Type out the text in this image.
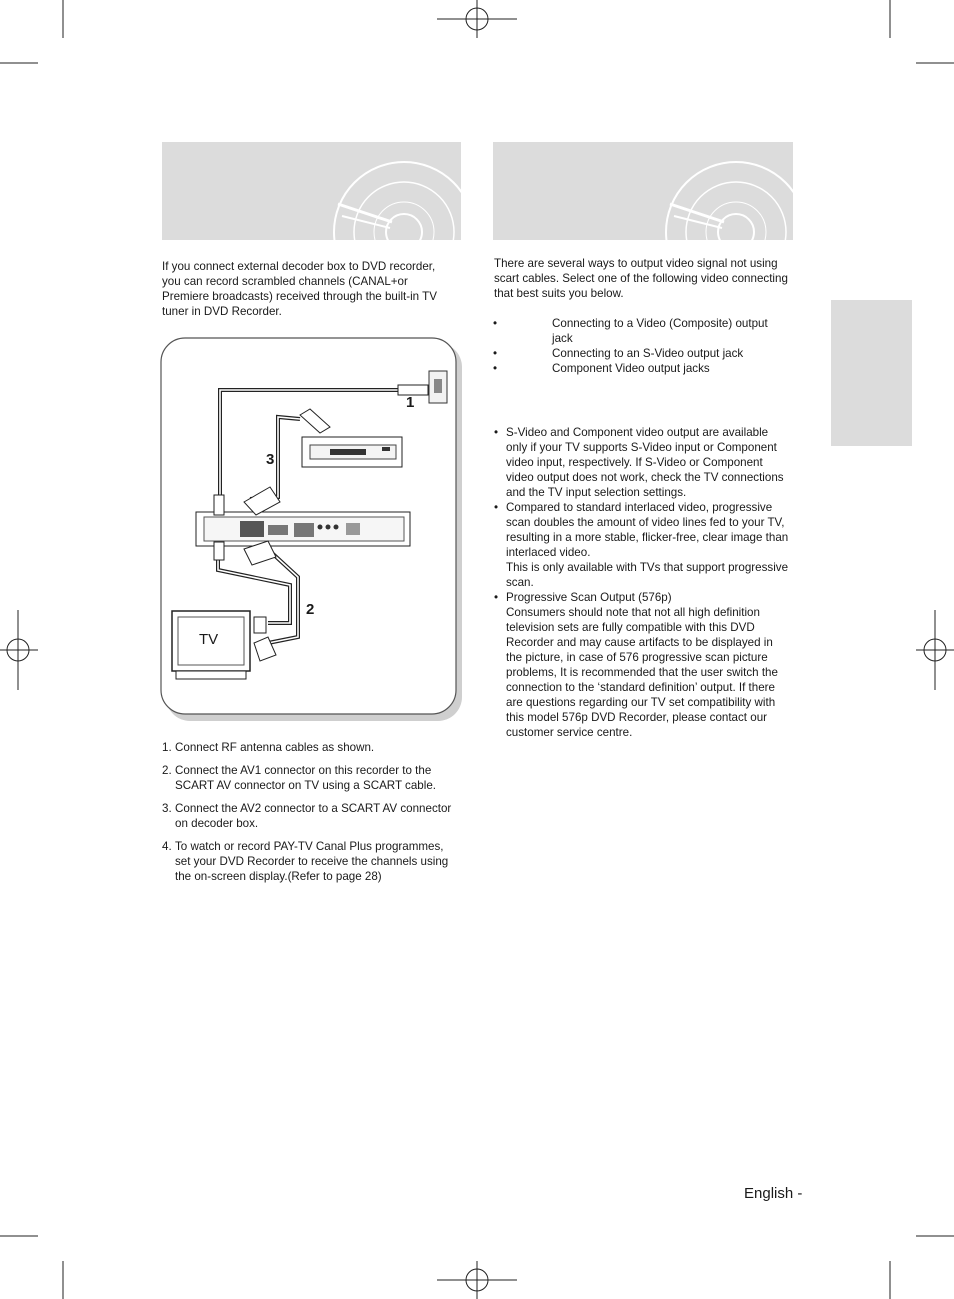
If you connect external decoder box to DVD recorder, you can record scrambled channels (CANAL+or Premiere broadcasts) received through the built-in TV tuner in DVD Recorder.
1
3
2
TV
1. Connect RF antenna cables as shown.
2. Connect the AV1 connector on this recorder to the SCART AV connector on TV using a SCART cable.
3. Connect the AV2 connector to a SCART AV connector on decoder box.
4. To watch or record PAY-TV Canal Plus programmes, set your DVD Recorder to receive the channels using the on-screen display.(Refer to page 28)
There are several ways to output video signal not using scart cables. Select one of the following video connecting that best suits you below.
•	Connecting to a Video (Composite) output jack
•	Connecting to an S-Video output jack
•	Component Video output jacks
• S-Video and Component video output are available only if your TV supports S-Video input or Component video input, respectively. If S-Video or Component video output does not work, check the TV connections and the TV input selection settings.
• Compared to standard interlaced video, progressive scan doubles the amount of video lines fed to your TV, resulting in a more stable, flicker-free, clear image than interlaced video.
This is only available with TVs that support progressive scan.
• Progressive Scan Output (576p)
Consumers should note that not all high definition television sets are fully compatible with this DVD Recorder and may cause artifacts to be displayed in the picture, in case of 576 progressive scan picture problems, It is recommended that the user switch the connection to the ‘standard definition’ output. If there are questions regarding our TV set compatibility with this model 576p DVD Recorder, please contact our customer service centre.
English -
